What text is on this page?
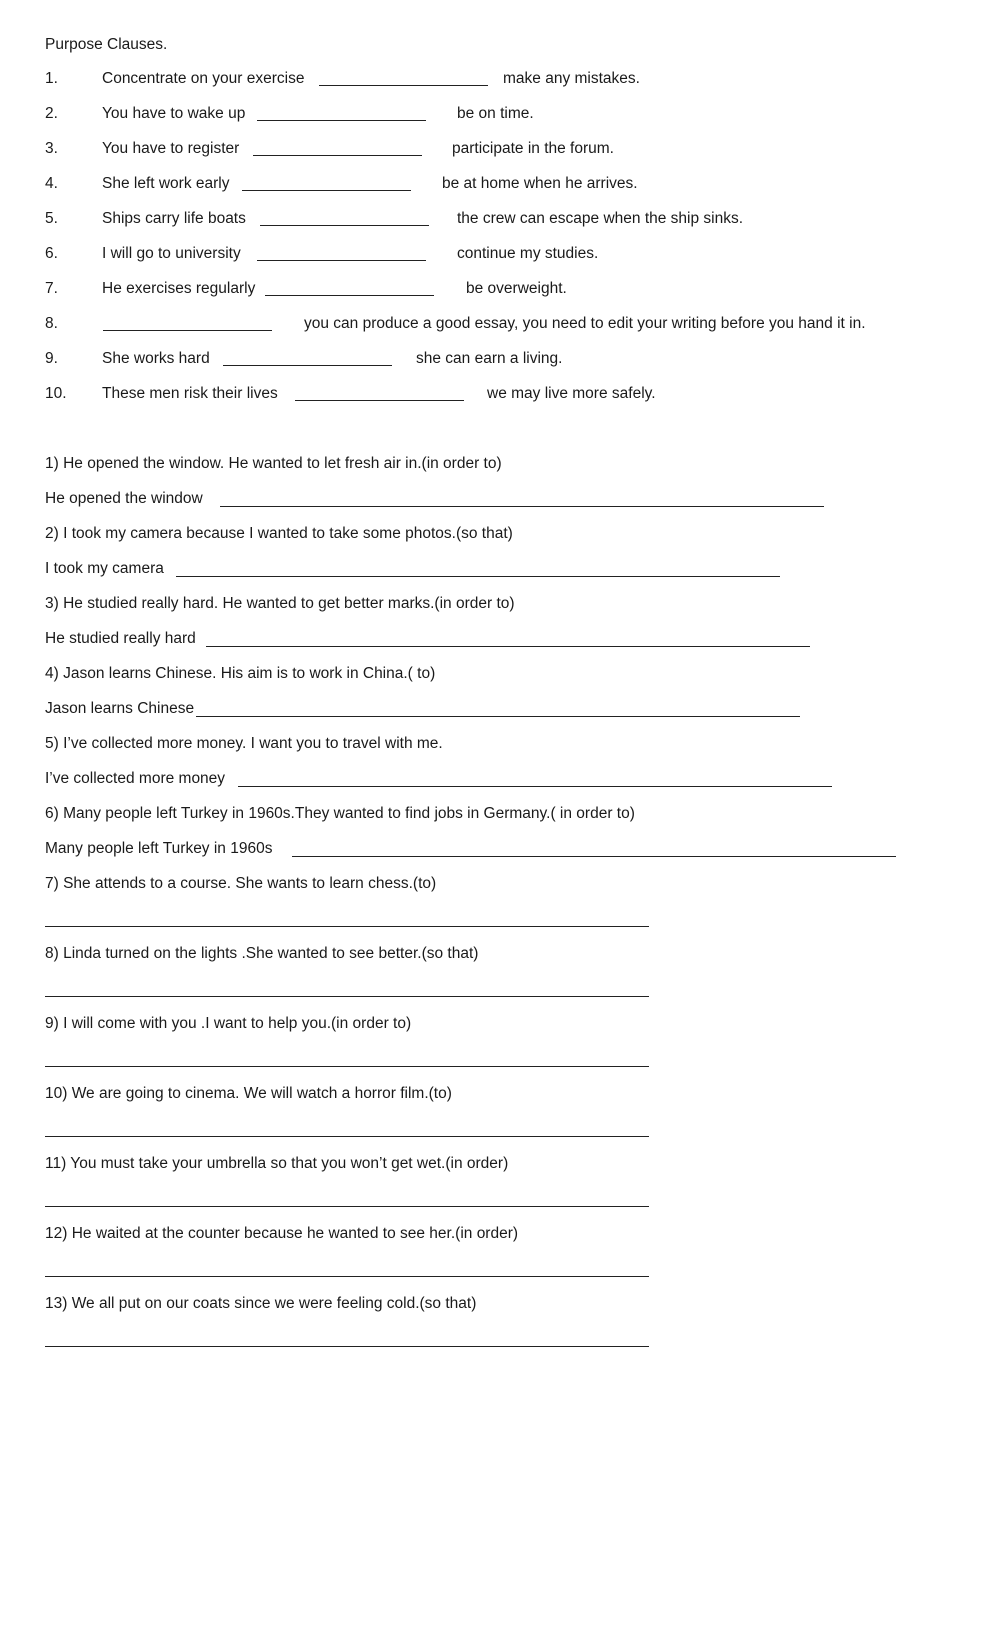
Purpose Clauses.
1.	Concentrate on your exercise	make any mistakes.
2.	You have to wake up	be on time.
3.	You have to register	participate in the forum.
4.	She left work early	be at home when he arrives.
5.	Ships carry life boats	the crew can escape when the ship sinks.
6.	I will go to university	continue my studies.
7.	He exercises regularly	be overweight.
8.	you can produce a good essay, you need to edit your writing before you hand it in.
9.	She works hard	she can earn a living.
10. These men risk their lives	we may live more safely.
1) He opened the window. He wanted to let fresh air in.(in order to)
He opened the window
2) I took my camera because I wanted to take some photos.(so that)
I took my camera
3) He studied really hard. He wanted to get better marks.(in order to)
He studied really hard
4) Jason learns Chinese. His aim is to work in China.( to)
Jason learns Chinese
5) I’ve collected more money. I want you to travel with me.
I’ve collected more money
6) Many people left Turkey in 1960s.They wanted to find jobs in Germany.( in order to)
Many people left Turkey in 1960s
7) She attends to a course. She wants to learn chess.(to)
8) Linda turned on the lights .She wanted to see better.(so that)
9) I will come with you .I want to help you.(in order to)
10) We are going to cinema. We will watch a horror film.(to)
11) You must take your umbrella so that you won’t get wet.(in order)
12) He waited at the counter because he wanted to see her.(in order)
13) We all put on our coats since we were feeling cold.(so that)
